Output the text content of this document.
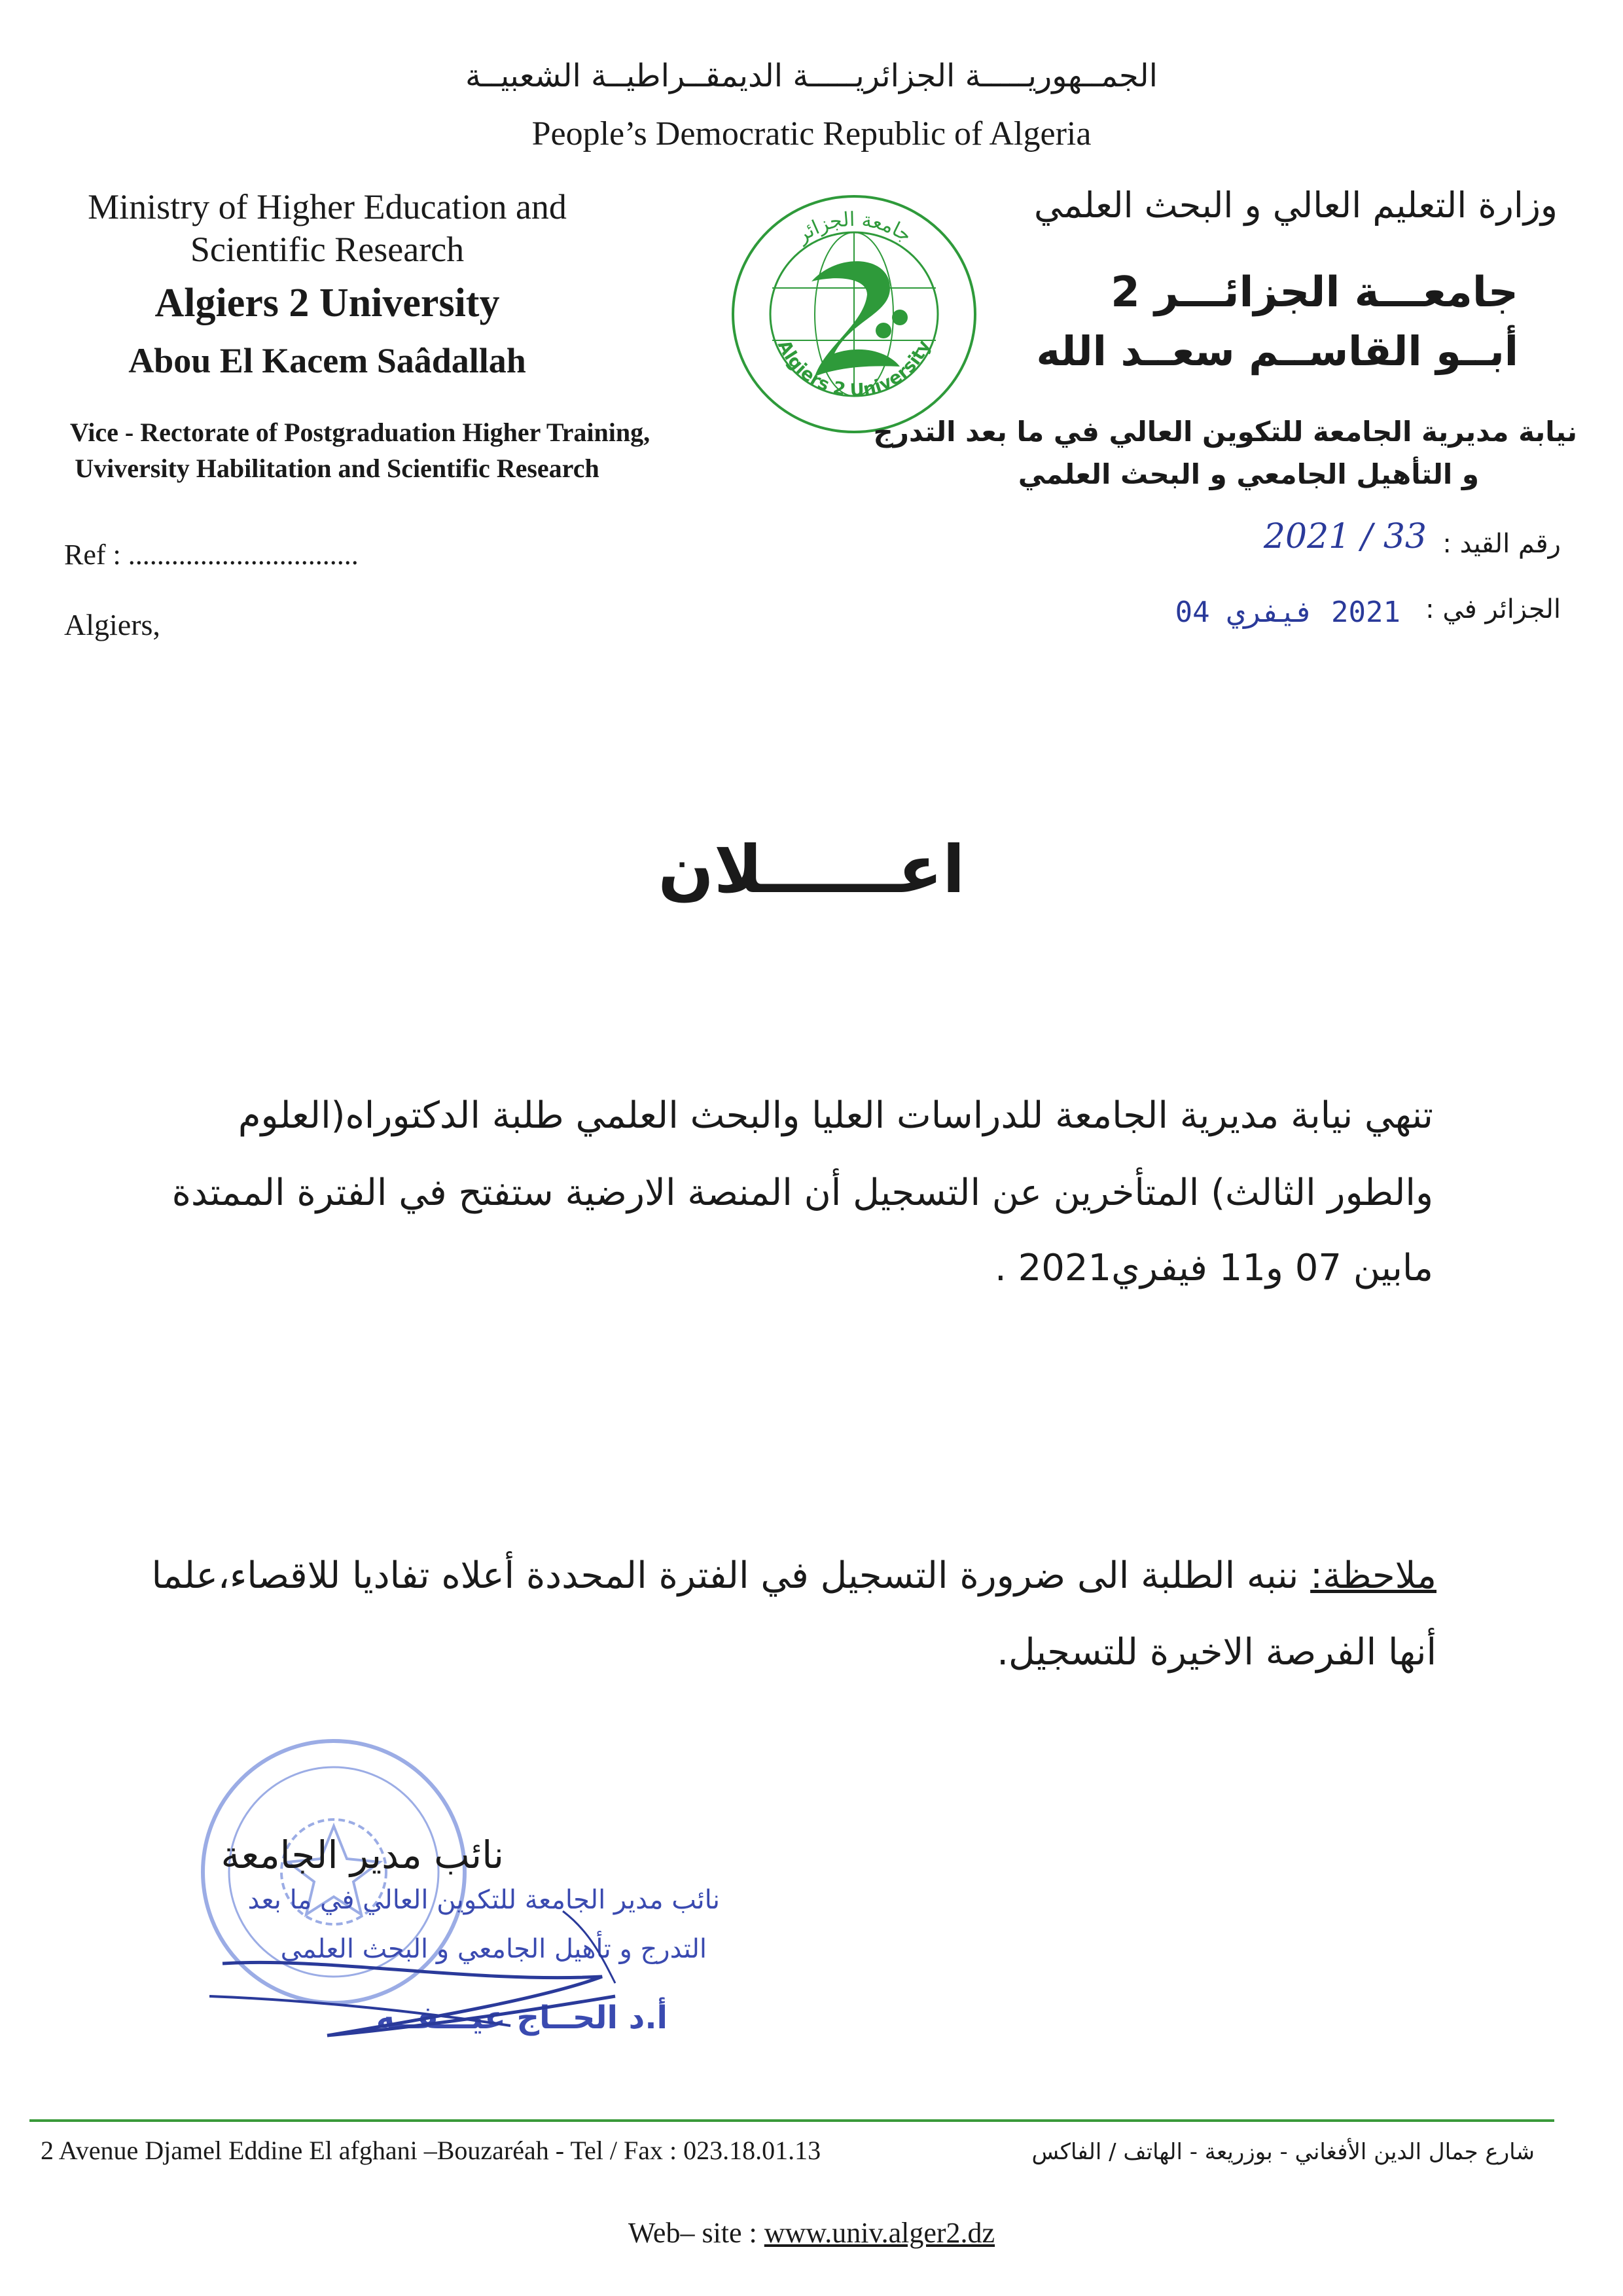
الجمــهوريـــــة الجزائريـــــة الديمقــراطيــة الشعبيــة
People’s Democratic Republic of Algeria
Ministry of Higher Education and
Scientific Research
Algiers 2 University
Abou El Kacem Saâdallah
Vice - Rectorate of Postgraduation Higher Training,
Uviversity Habilitation and Scientific Research
جامعة الجزائر
Algiers 2 University
وزارة التعليم العالي و البحث العلمي
جامعـــة الجزائـــر 2
أبــو القاســم سعــد الله
نيابة مديرية الجامعة للتكوين العالي في ما بعد التدرج
و التأهيل الجامعي و البحث العلمي
Ref : ................................
Algiers,
رقم القيد :
2021 / 33
الجزائر في :
2021 فيفري 04
اعــــــلان
تنهي نيابة مديرية الجامعة للدراسات العليا والبحث العلمي طلبة الدكتوراه(العلوم
والطور الثالث) المتأخرين عن التسجيل أن المنصة الارضية ستفتح في الفترة الممتدة
مابين 07 و11 فيفري2021 .
ملاحظة: ننبه الطلبة الى ضرورة التسجيل في الفترة المحددة أعلاه تفاديا للاقصاء،علما
أنها الفرصة الاخيرة للتسجيل.
نائب مدير الجامعة
نائب مدير الجامعة للتكوين العالي في ما بعد
التدرج و تأهيل الجامعي و البحث العلمي
أ.د الحــاج عيـــفــه
2 Avenue Djamel Eddine El afghani –Bouzaréah - Tel / Fax : 023.18.01.13	شارع جمال الدين الأفغاني - بوزريعة - الهاتف / الفاكس
Web– site : www.univ.alger2.dz
